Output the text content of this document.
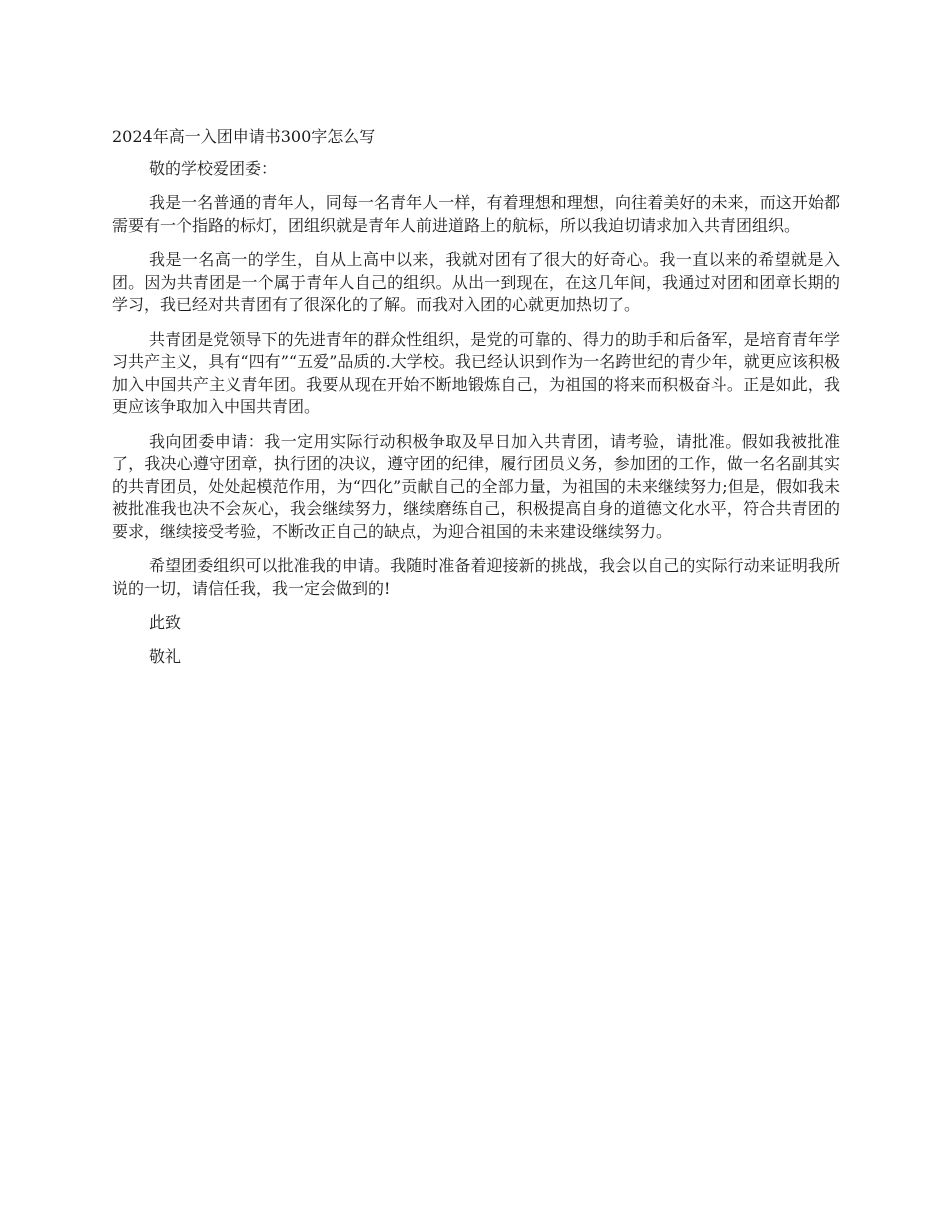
2024年高一入团申请书300字怎么写
敬的学校爱团委：

我是一名普通的青年人，同每一名青年人一样，有着理想和理想，向往着美好的未来，而这开始都需要有一个指路的标灯，团组织就是青年人前进道路上的航标，所以我迫切请求加入共青团组织。

我是一名高一的学生，自从上高中以来，我就对团有了很大的好奇心。我一直以来的希望就是入团。因为共青团是一个属于青年人自己的组织。从出一到现在，在这几年间，我通过对团和团章长期的学习，我已经对共青团有了很深化的了解。而我对入团的心就更加热切了。

共青团是党领导下的先进青年的群众性组织，是党的可靠的、得力的助手和后备军，是培育青年学习共产主义，具有“四有”“五爱”品质的.大学校。我已经认识到作为一名跨世纪的青少年，就更应该积极加入中国共产主义青年团。我要从现在开始不断地锻炼自己，为祖国的将来而积极奋斗。正是如此，我更应该争取加入中国共青团。

我向团委申请：我一定用实际行动积极争取及早日加入共青团，请考验，请批准。假如我被批准了，我决心遵守团章，执行团的决议，遵守团的纪律，履行团员义务，参加团的工作，做一名名副其实的共青团员，处处起模范作用，为“四化”贡献自己的全部力量，为祖国的未来继续努力;但是，假如我未被批准我也决不会灰心，我会继续努力，继续磨练自己，积极提高自身的道德文化水平，符合共青团的要求，继续接受考验，不断改正自己的缺点，为迎合祖国的未来建设继续努力。

希望团委组织可以批准我的申请。我随时准备着迎接新的挑战，我会以自己的实际行动来证明我所说的一切，请信任我，我一定会做到的!

此致
敬礼
